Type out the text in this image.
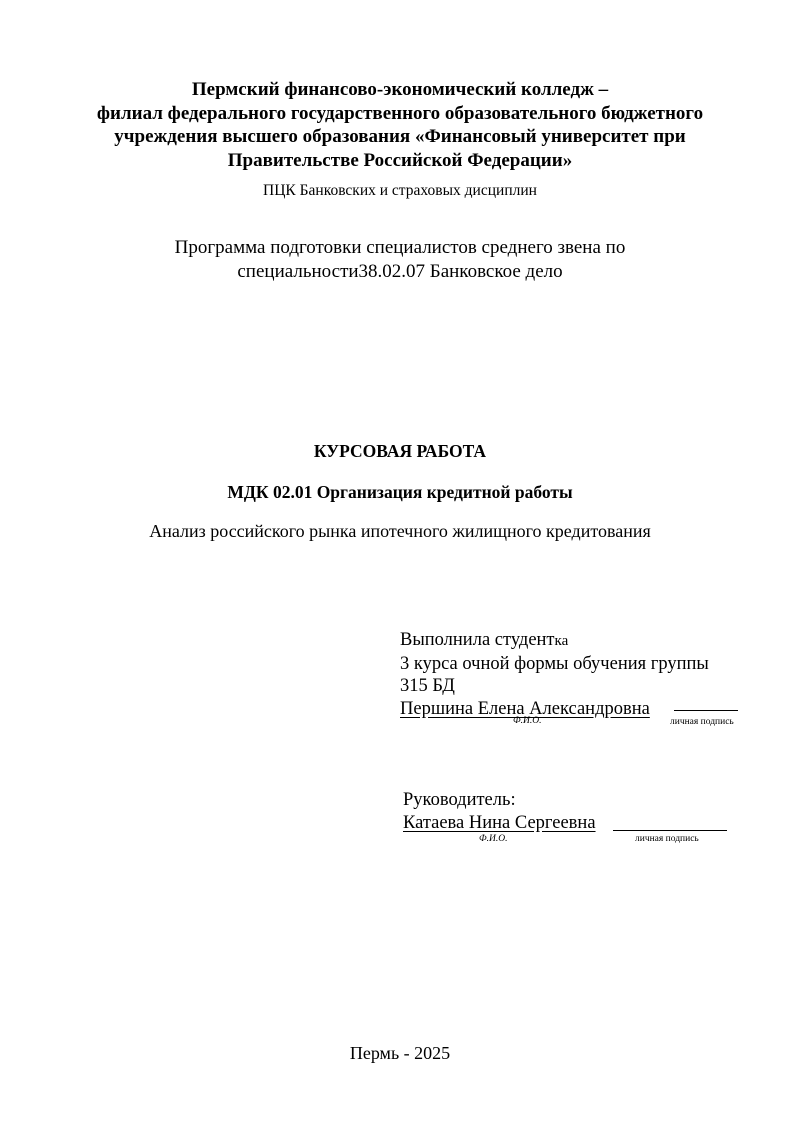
Пермский финансово-экономический колледж –
филиал федерального государственного образовательного бюджетного
учреждения высшего образования «Финансовый университет при
Правительстве Российской Федерации»
ПЦК Банковских и страховых дисциплин
Программа подготовки специалистов среднего звена по
специальности38.02.07 Банковское дело
КУРСОВАЯ РАБОТА
МДК 02.01 Организация кредитной работы
Анализ российского рынка ипотечного жилищного кредитования
Выполнила студентка
3 курса очной формы обучения группы
315 БД
Першина Елена Александровна
Ф.И.О.	личная подпись
Руководитель:
Катаева Нина Сергеевна
Ф.И.О.	личная подпись
Пермь - 2025
